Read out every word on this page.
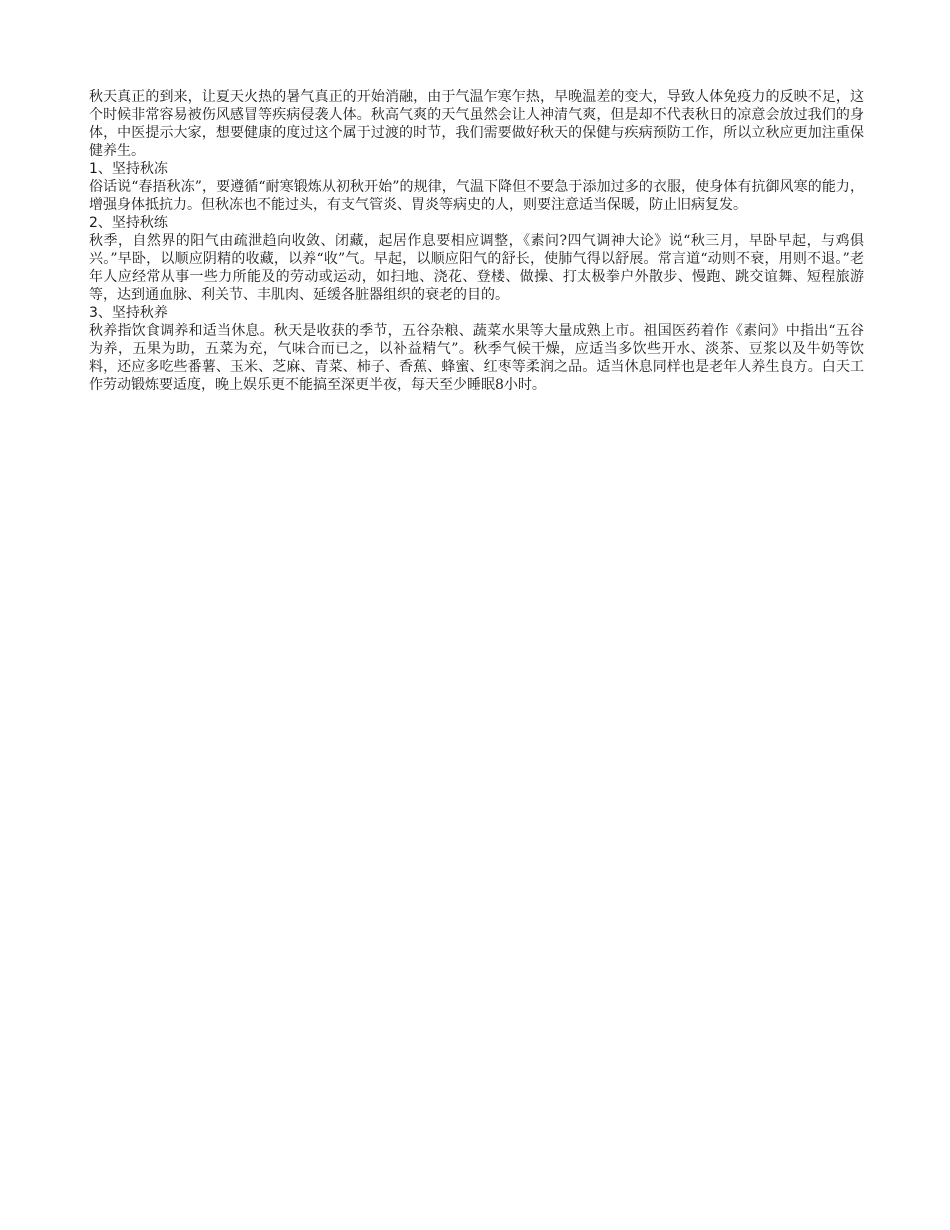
秋天真正的到来，让夏天火热的暑气真正的开始消融，由于气温乍寒乍热，早晚温差的变大，导致人体免疫力的反映不足，这个时候非常容易被伤风感冒等疾病侵袭人体。秋高气爽的天气虽然会让人神清气爽，但是却不代表秋日的凉意会放过我们的身体，中医提示大家，想要健康的度过这个属于过渡的时节，我们需要做好秋天的保健与疾病预防工作，所以立秋应更加注重保健养生。

1、坚持秋冻

俗话说“春捂秋冻”，要遵循“耐寒锻炼从初秋开始”的规律，气温下降但不要急于添加过多的衣服，使身体有抗御风寒的能力，增强身体抵抗力。但秋冻也不能过头，有支气管炎、胃炎等病史的人，则要注意适当保暖，防止旧病复发。

2、坚持秋练

秋季，自然界的阳气由疏泄趋向收敛、闭藏，起居作息要相应调整，《素问?四气调神大论》说“秋三月，早卧早起，与鸡俱兴。”早卧，以顺应阴精的收藏，以养“收”气。早起，以顺应阳气的舒长，使肺气得以舒展。常言道“动则不衰，用则不退。”老年人应经常从事一些力所能及的劳动或运动，如扫地、浇花、登楼、做操、打太极拳户外散步、慢跑、跳交谊舞、短程旅游等，达到通血脉、利关节、丰肌肉、延缓各脏器组织的衰老的目的。

3、坚持秋养

秋养指饮食调养和适当休息。秋天是收获的季节，五谷杂粮、蔬菜水果等大量成熟上市。祖国医药着作《素问》中指出“五谷为养，五果为助，五菜为充，气味合而已之，以补益精气”。秋季气候干燥，应适当多饮些开水、淡茶、豆浆以及牛奶等饮料，还应多吃些番薯、玉米、芝麻、青菜、柿子、香蕉、蜂蜜、红枣等柔润之品。适当休息同样也是老年人养生良方。白天工作劳动锻炼要适度，晚上娱乐更不能搞至深更半夜，每天至少睡眠8小时。
